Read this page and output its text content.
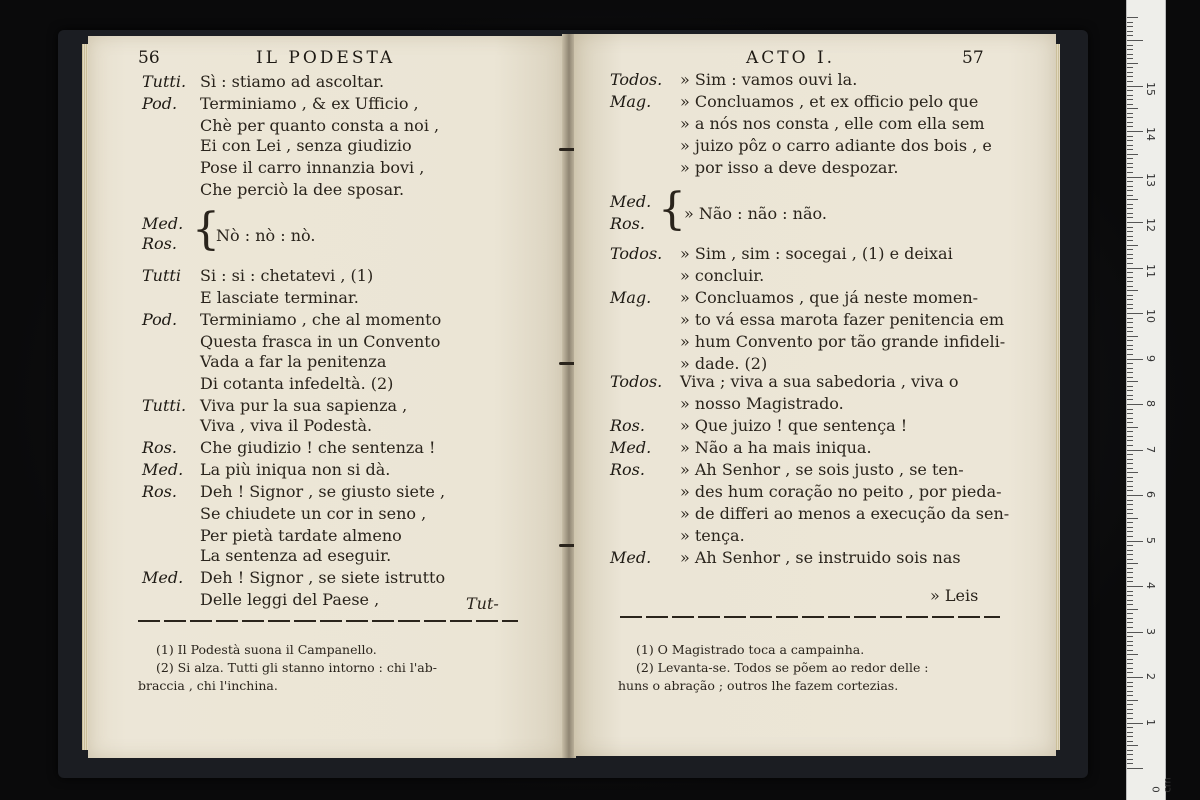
56	IL PODESTA
Tutti. Sì : stiamo ad ascoltar.
Pod. Terminiamo , & ex Ufficio ,
Chè per quanto consta a noi ,
Ei con Lei , senza giudizio
Pose il carro innanzia bovi ,
Che perciò la dee sposar.
Tutti Si : si : chetatevi , (1)
E lasciate terminar.
Pod. Terminiamo , che al momento
Questa frasca in un Convento
Vada a far la penitenza
Di cotanta infedeltà. (2)
Tutti. Viva pur la sua sapienza ,
Viva , viva il Podestà.
Ros. Che giudizio ! che sentenza !
Med. La più iniqua non si dà.
Ros. Deh ! Signor , se giusto siete ,
Se chiudete un cor in seno ,
Per pietà tardate almeno
La sentenza ad eseguir.
Med. Deh ! Signor , se siete istrutto
Delle leggi del Paese ,
Med.
Ros. {
Nò : nò : nò.
Tut-
(1) Il Podestà suona il Campanello.
(2) Si alza. Tutti gli stanno intorno : chi l'ab-
braccia , chi l'inchina.
ACTO I.	57
Todos. » Sim : vamos ouvi la.
Mag. » Concluamos , et ex officio pelo que
» a nós nos consta , elle com ella sem
» juizo pôz o carro adiante dos bois , e
» por isso a deve despozar.
Todos. » Sim , sim : socegai , (1) e deixai
» concluir.
Mag. » Concluamos , que já neste momen-
» to vá essa marota fazer penitencia em
» hum Convento por tão grande infideli-
» dade. (2)
Todos. Viva ; viva a sua sabedoria , viva o
» nosso Magistrado.
Ros. » Que juizo ! que sentença !
Med. » Não a ha mais iniqua.
Ros. » Ah Senhor , se sois justo , se ten-
» des hum coração no peito , por pieda-
» de differi ao menos a execução da sen-
» tença.
Med. » Ah Senhor , se instruido sois nas
Med.
Ros. {
» Não : não : não.
» Leis
(1) O Magistrado toca a campainha.
(2) Levanta-se. Todos se põem ao redor delle :
huns o abração ; outros lhe fazem cortezias.
0 cm
1
2
3
4
5
6
7
8
9
10
11
12
13
14
15
